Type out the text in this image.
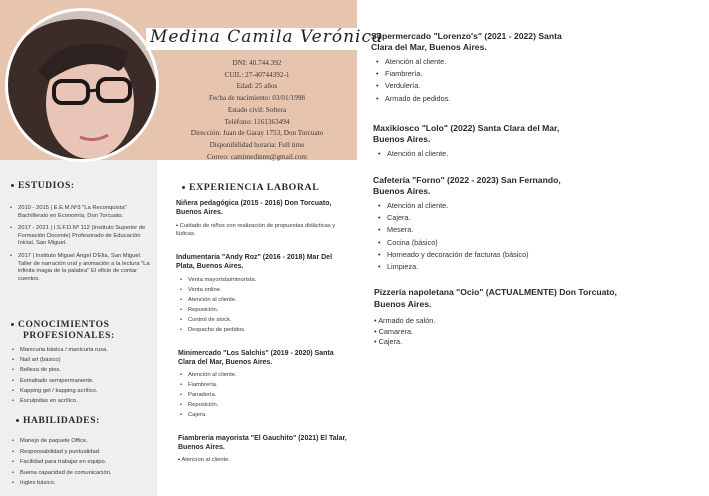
Medina Camila Verónica
DNI: 40.744.392
CUIL: 27-40744392-1
Edad: 25 años
Fecha de nacimiento: 03/01/1998
Estado civil: Soltera
Teléfono: 1161363494
Dirección: Juan de Garay 1753, Don Torcuato
Disponibilidad horaria: Full time
Correo: camimedinnn@gmail.com
ESTUDIOS:
• 2010 - 2015 | E.E.M.Nº3 "La Reconquista" Bachillerato en Economía, Don Torcuato.
• 2017 - 2021 | I.S.F.D.Nº 112 (Instituto Superior de Formación Docente) Profesorado de Educación Inicial, San Miguel.
• 2017 | Instituto Miguel Ángel D'Elia, San Miguel. Taller de narración oral y animación a la lectura "La infinita magia de la palabra" El oficio de contar cuentos.
CONOCIMIENTOS
PROFESIONALES:
• Manicuria básica / manicuria rusa.
• Nail art (básico)
• Belleza de pies.
• Esmaltado semipermanente.
• Kapping gel / kapping acrílico.
• Esculpidas en acrílico.
HABILIDADES:
• Manejo de paquete Office.
• Responsabilidad y puntualidad.
• Facilidad para trabajar en equipo.
• Buena capacidad de comunicación.
• Ingles básico.
EXPERIENCIA LABORAL
Niñera pedagógica (2015 - 2016) Don Torcuato, Buenos Aires.
• • Cuidado de niños con realización de propuestas didácticas y lúdicas.
Indumentaria "Andy Roz" (2016 - 2018) Mar Del Plata, Buenos Aires.
• Venta mayorista/minorista.
• Venta online.
• Atención al cliente.
• Reposición.
• Control de stock.
• Despacho de pedidos.
Minimercado "Los Salchis" (2019 - 2020) Santa Clara del Mar, Buenos Aires.
• Atención al cliente.
• Fiambrería.
• Panadería.
• Reposición.
• Cajera.
Fiambreria mayorista "El Gauchito" (2021) El Talar, Buenos Aires.
• • Atencion al cliente.
Supermercado "Lorenzo's" (2021 - 2022) Santa Clara del Mar, Buenos Aires.
• Atención al cliente.
• Fiambrería.
• Verdulería.
• Armado de pedidos.
Maxikiosco "Lolo" (2022) Santa Clara del Mar, Buenos Aires.
• Atención al cliente.
Cafetería "Forno" (2022 - 2023) San Fernando, Buenos Aires.
• Atención al cliente.
• Cajera.
• Mesera.
• Cocina (básico)
• Horneado y decoración de facturas (básico)
• Limpieza.
Pizzería napoletana "Ocio" (ACTUALMENTE) Don Torcuato, Buenos Aires.
• Armado de salón.
• Camarera.
• Cajera.
